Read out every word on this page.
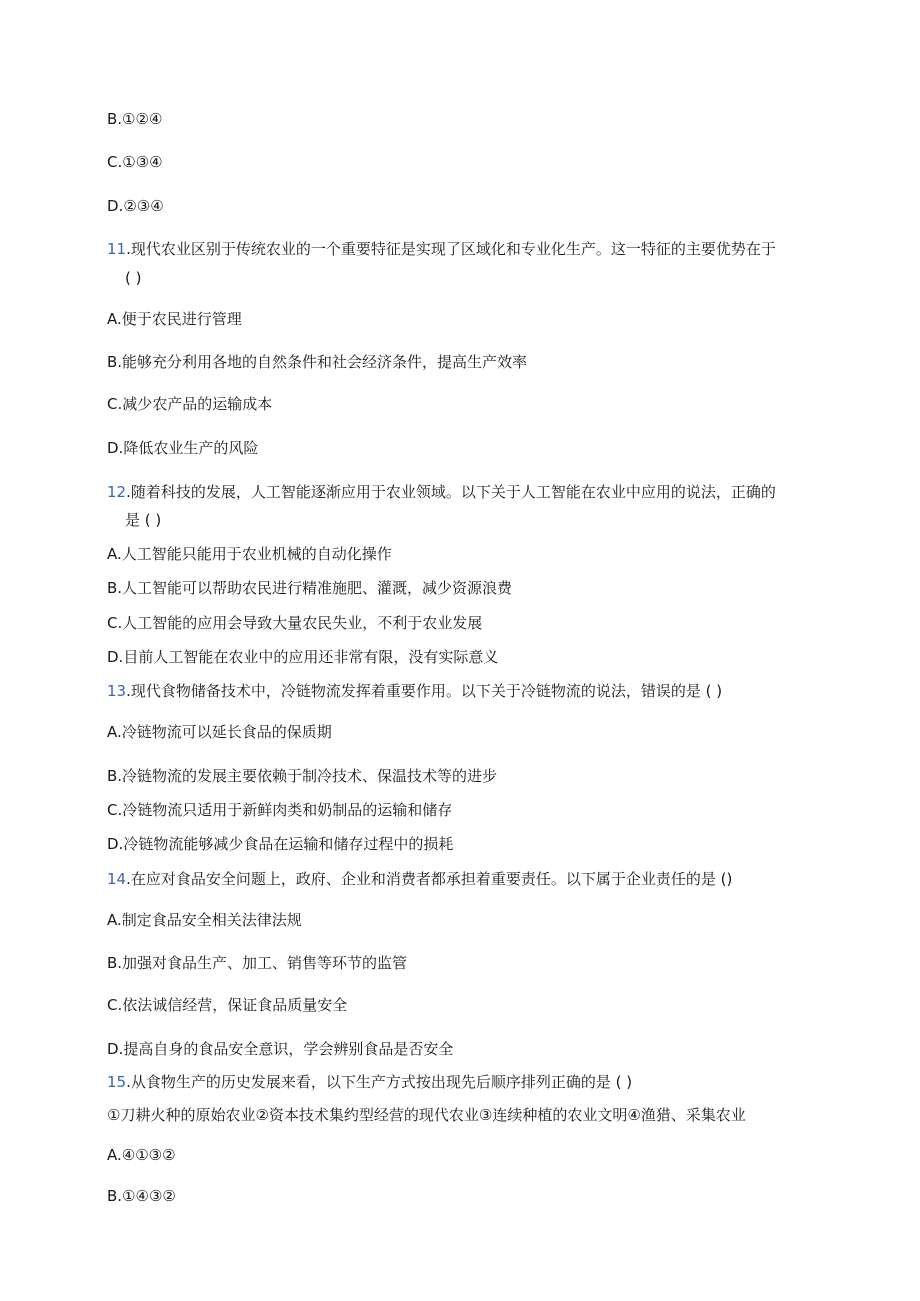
B.①②④
C.①③④
D.②③④
11.现代农业区别于传统农业的一个重要特征是实现了区域化和专业化生产。这一特征的主要优势在于
( )
A.便于农民进行管理
B.能够充分利用各地的自然条件和社会经济条件，提高生产效率
C.减少农产品的运输成本
D.降低农业生产的风险
12.随着科技的发展，人工智能逐渐应用于农业领域。以下关于人工智能在农业中应用的说法，正确的
是 ( )
A.人工智能只能用于农业机械的自动化操作
B.人工智能可以帮助农民进行精准施肥、灌溉，减少资源浪费
C.人工智能的应用会导致大量农民失业，不利于农业发展
D.目前人工智能在农业中的应用还非常有限，没有实际意义
13.现代食物储备技术中，冷链物流发挥着重要作用。以下关于冷链物流的说法，错误的是 ( )
A.冷链物流可以延长食品的保质期
B.冷链物流的发展主要依赖于制冷技术、保温技术等的进步
C.冷链物流只适用于新鲜肉类和奶制品的运输和储存
D.冷链物流能够减少食品在运输和储存过程中的损耗
14.在应对食品安全问题上，政府、企业和消费者都承担着重要责任。以下属于企业责任的是 ()
A.制定食品安全相关法律法规
B.加强对食品生产、加工、销售等环节的监管
C.依法诚信经营，保证食品质量安全
D.提高自身的食品安全意识，学会辨别食品是否安全
15.从食物生产的历史发展来看，以下生产方式按出现先后顺序排列正确的是 ( )
①刀耕火种的原始农业②资本技术集约型经营的现代农业③连续种植的农业文明④渔猎、采集农业
A.④①③②
B.①④③②
